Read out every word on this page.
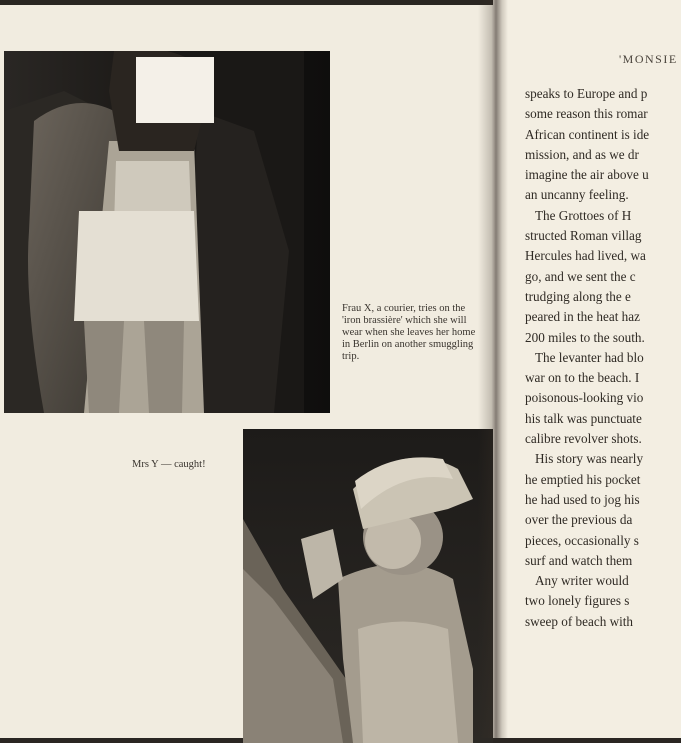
Frau X, a courier, tries on the 'iron brassière' which she will wear when she leaves her home in Berlin on another smuggling trip.
Mrs Y — caught!
'MONSIE

speaks to Europe and p

some reason this romar

African continent is ide

mission, and as we dr

imagine the air above u

an uncanny feeling.

The Grottoes of H

structed Roman villag

Hercules had lived, wa

go, and we sent the c

trudging along the e

peared in the heat haz

200 miles to the south.

The levanter had blo

war on to the beach. I

poisonous-looking vio

his talk was punctuate

calibre revolver shots.

His story was nearly

he emptied his pocket

he had used to jog his

over the previous da

pieces, occasionally s

surf and watch them

Any writer would

two lonely figures s

sweep of beach with
